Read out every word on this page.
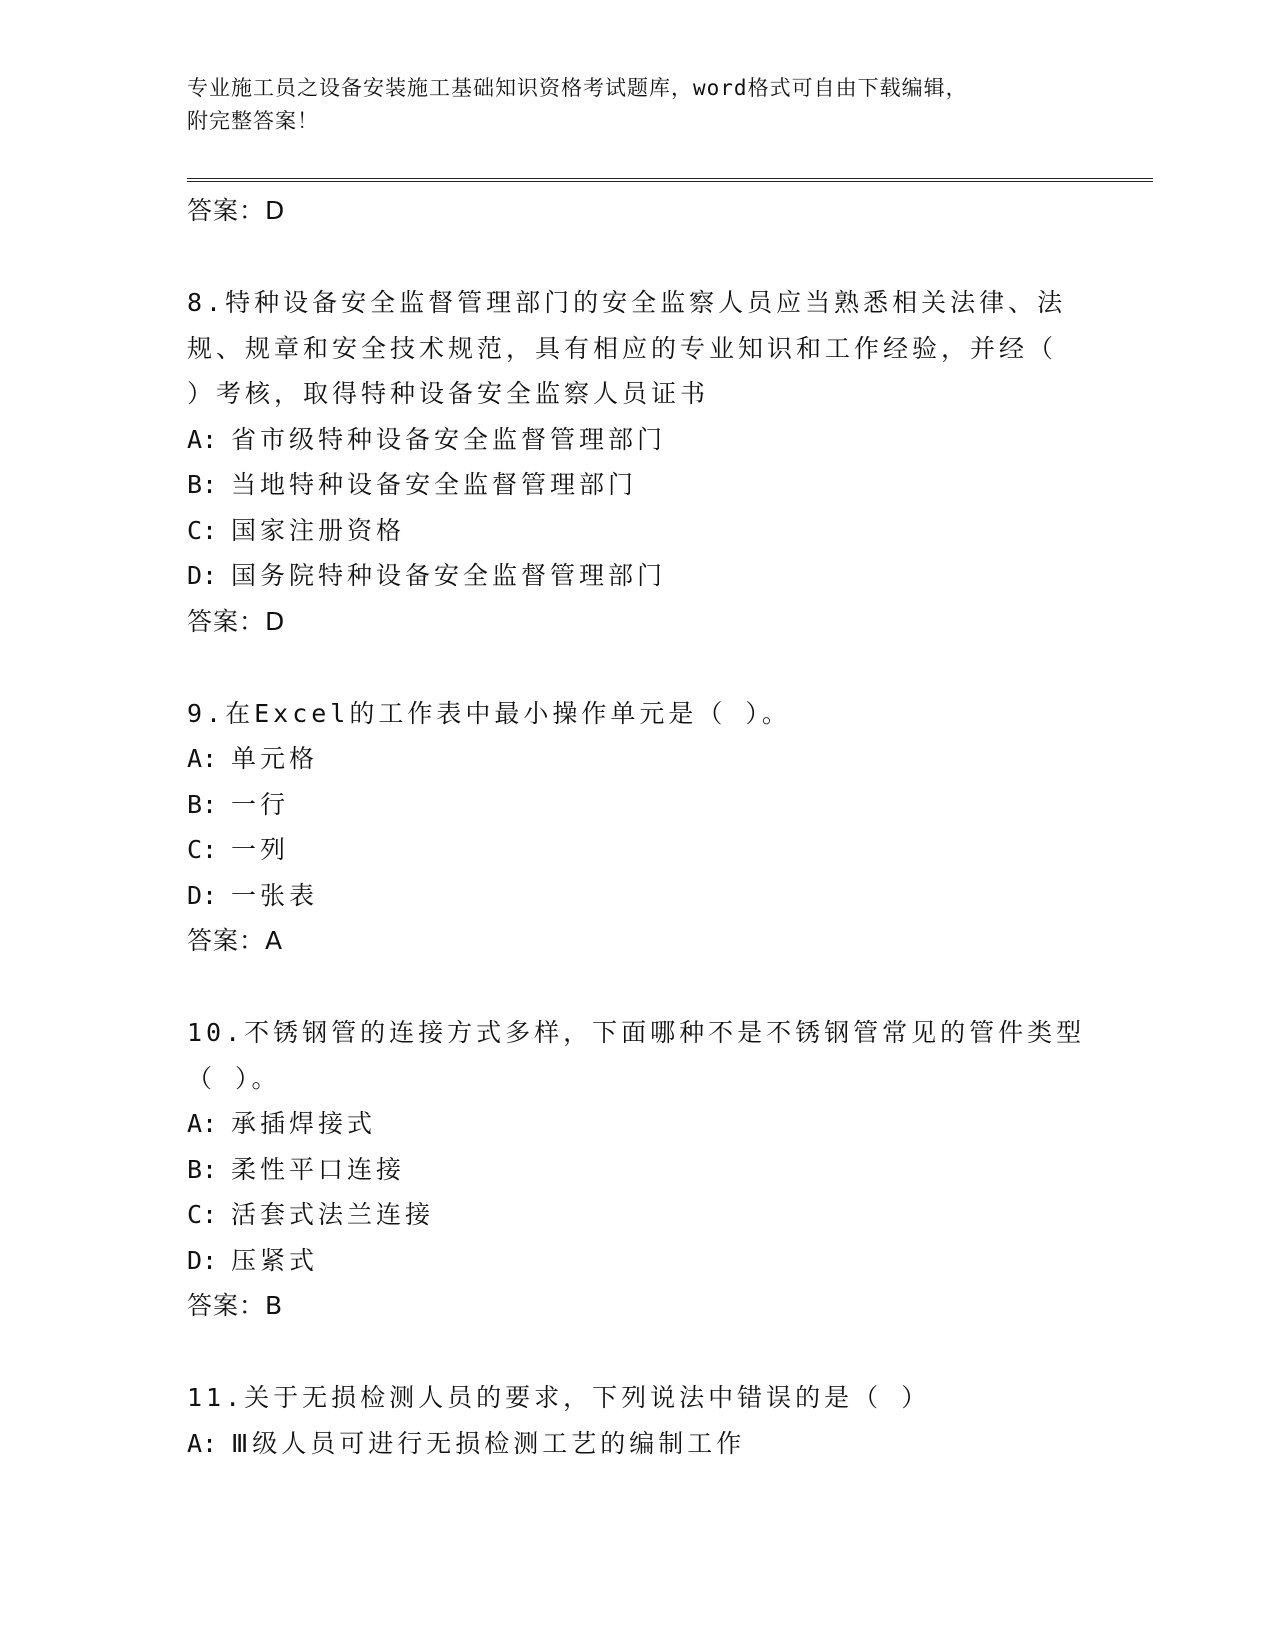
专业施工员之设备安装施工基础知识资格考试题库，word格式可自由下载编辑，
附完整答案！
答案：D
8.特种设备安全监督管理部门的安全监察人员应当熟悉相关法律、法
规、规章和安全技术规范，具有相应的专业知识和工作经验，并经（
）考核，取得特种设备安全监察人员证书
A: 省市级特种设备安全监督管理部门
B: 当地特种设备安全监督管理部门
C: 国家注册资格
D: 国务院特种设备安全监督管理部门
答案：D
9.在Excel的工作表中最小操作单元是（ ）。
A: 单元格
B: 一行
C: 一列
D: 一张表
答案：A
10.不锈钢管的连接方式多样，下面哪种不是不锈钢管常见的管件类型
（ ）。
A: 承插焊接式
B: 柔性平口连接
C: 活套式法兰连接
D: 压紧式
答案：B
11.关于无损检测人员的要求，下列说法中错误的是（ ）
A: Ⅲ级人员可进行无损检测工艺的编制工作
